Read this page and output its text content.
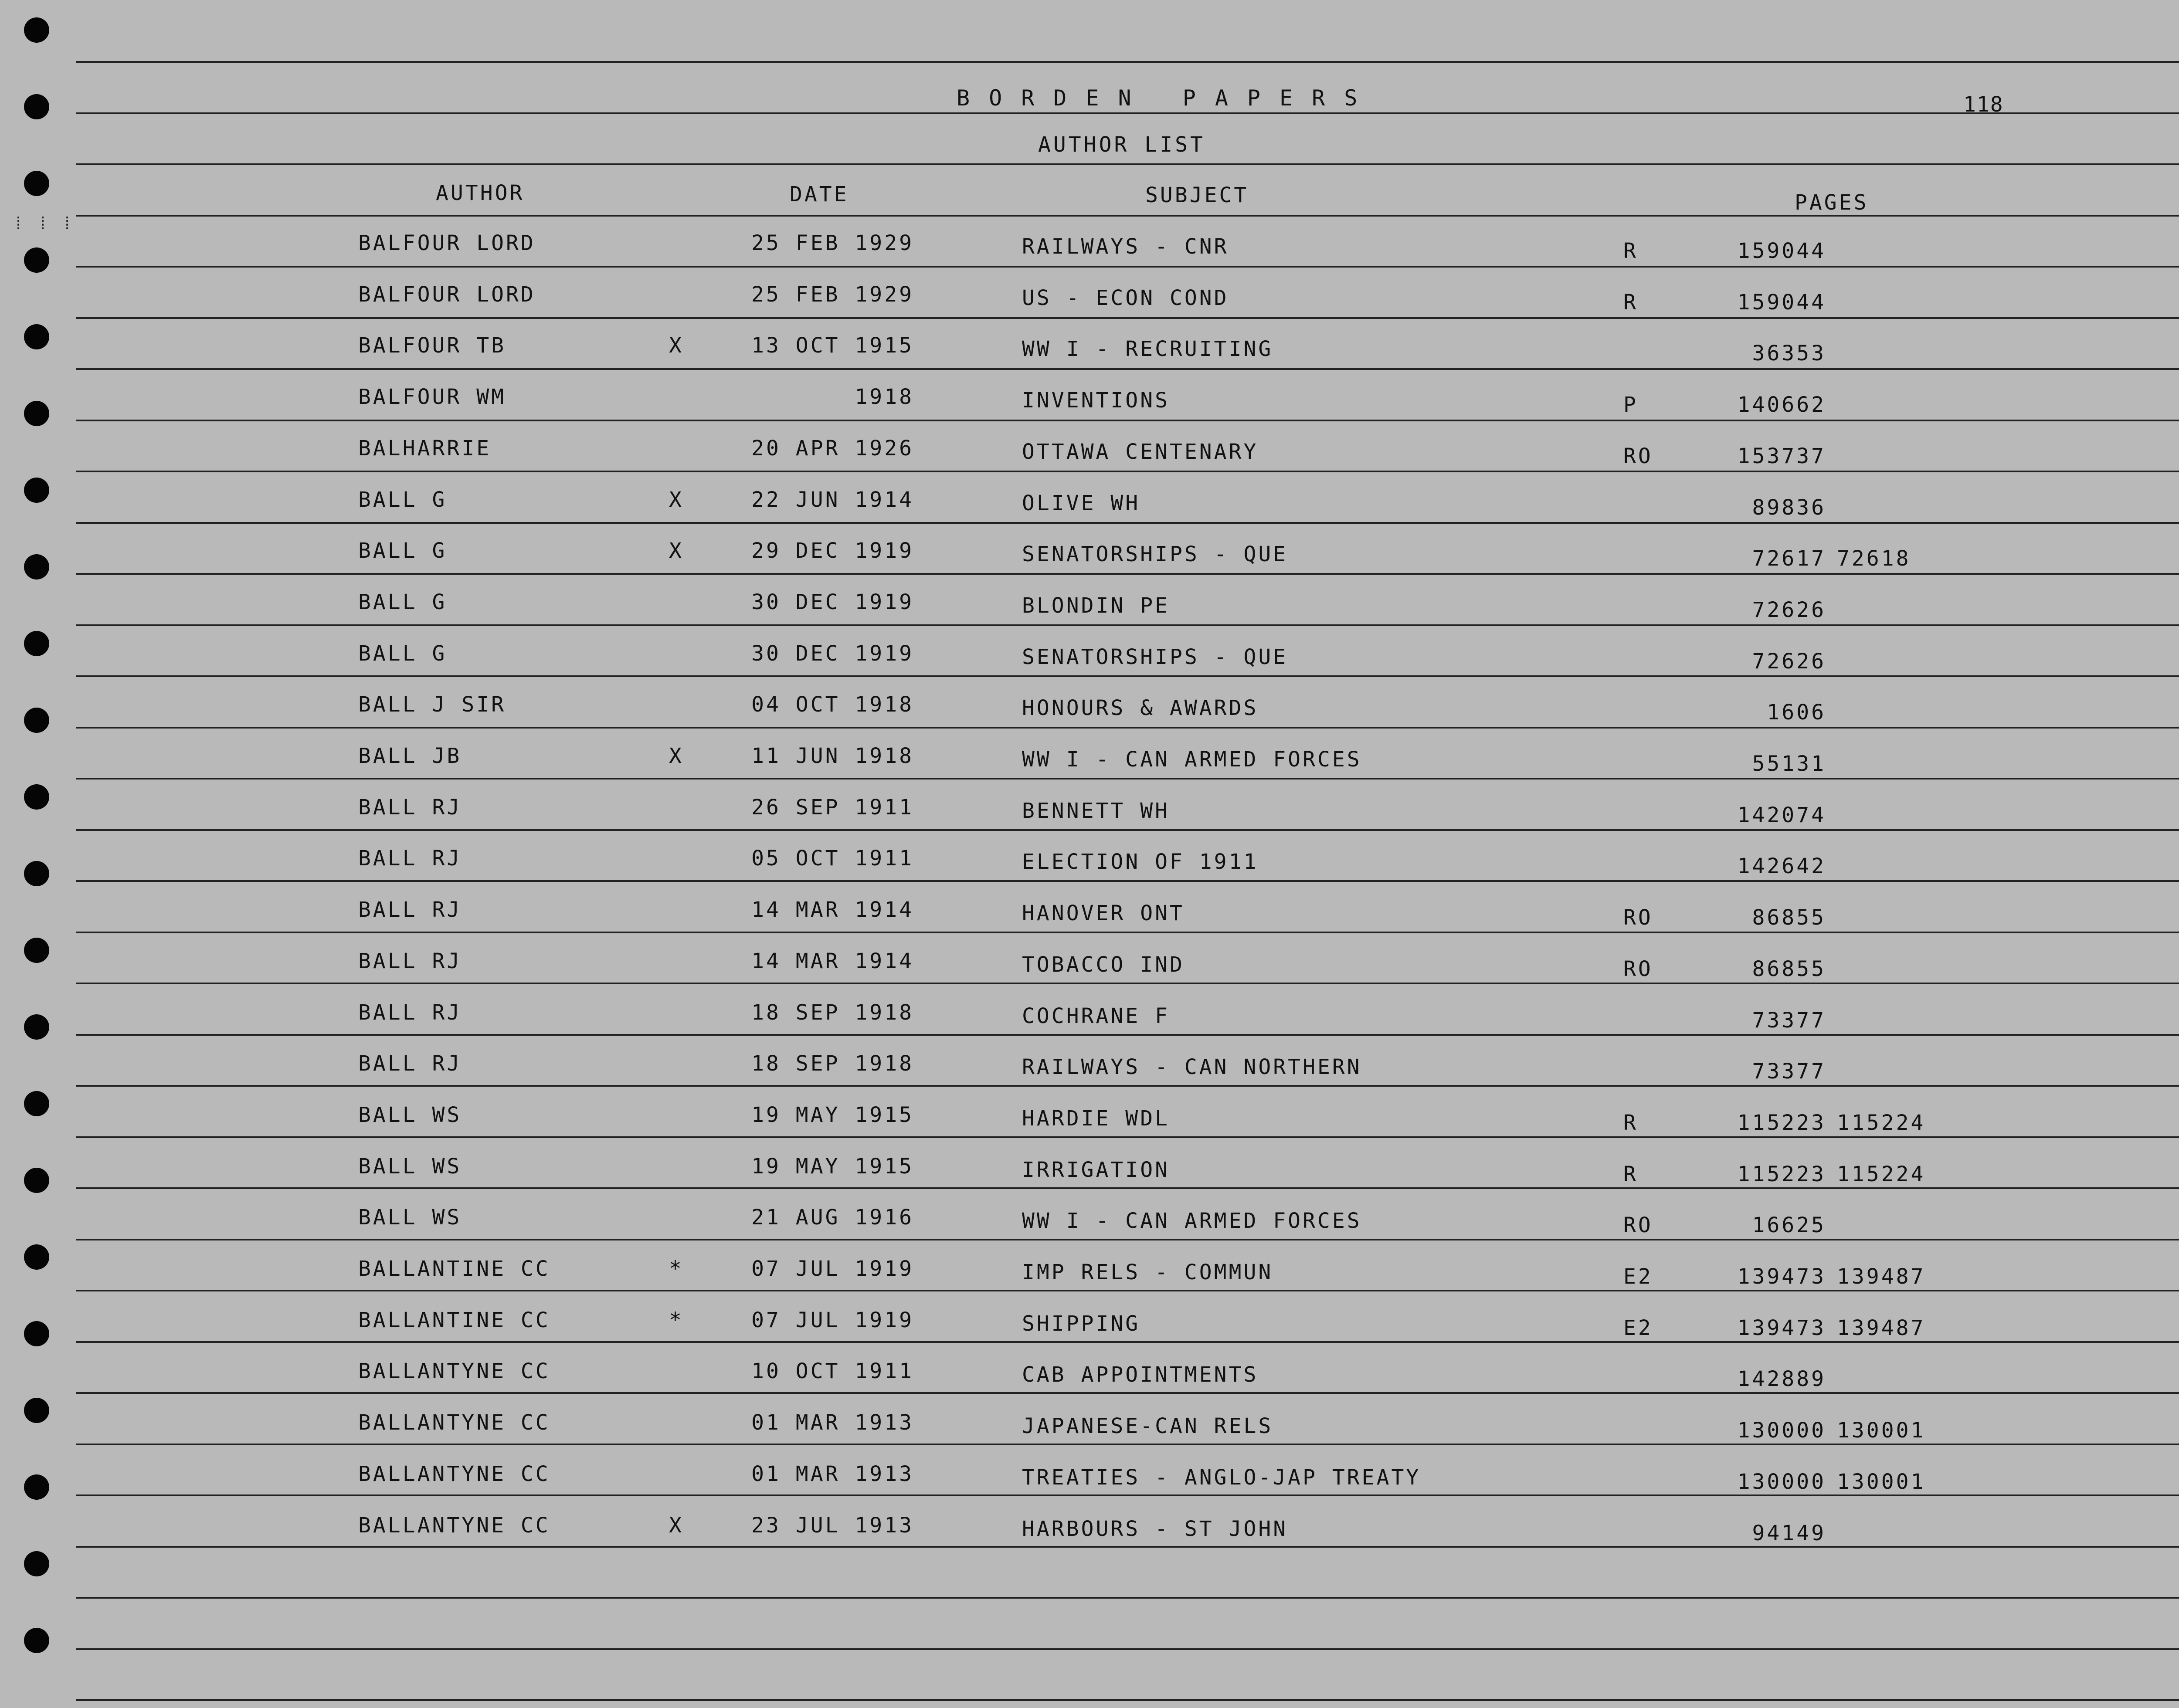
BORDEN PAPERS	118
AUTHOR LIST
AUTHOR	DATE	SUBJECT	PAGES
BALFOUR LORD	25 FEB 1929	RAILWAYS - CNR	R	159044
BALFOUR LORD	25 FEB 1929	US - ECON COND	R	159044
BALFOUR TB	X	13 OCT 1915	WW I - RECRUITING	36353
BALFOUR WM	1918	INVENTIONS	P	140662
BALHARRIE	20 APR 1926	OTTAWA CENTENARY	RO	153737
BALL G	X	22 JUN 1914	OLIVE WH	89836
BALL G	X	29 DEC 1919	SENATORSHIPS - QUE	72617 72618
BALL G	30 DEC 1919	BLONDIN PE	72626
BALL G	30 DEC 1919	SENATORSHIPS - QUE	72626
BALL J SIR	04 OCT 1918	HONOURS & AWARDS	1606
BALL JB	X	11 JUN 1918	WW I - CAN ARMED FORCES	55131
BALL RJ	26 SEP 1911	BENNETT WH	142074
BALL RJ	05 OCT 1911	ELECTION OF 1911	142642
BALL RJ	14 MAR 1914	HANOVER ONT	RO	86855
BALL RJ	14 MAR 1914	TOBACCO IND	RO	86855
BALL RJ	18 SEP 1918	COCHRANE F	73377
BALL RJ	18 SEP 1918	RAILWAYS - CAN NORTHERN	73377
BALL WS	19 MAY 1915	HARDIE WDL	R	115223 115224
BALL WS	19 MAY 1915	IRRIGATION	R	115223 115224
BALL WS	21 AUG 1916	WW I - CAN ARMED FORCES	RO	16625
BALLANTINE CC	*	07 JUL 1919	IMP RELS - COMMUN	E2	139473 139487
BALLANTINE CC	*	07 JUL 1919	SHIPPING	E2	139473 139487
BALLANTYNE CC	10 OCT 1911	CAB APPOINTMENTS	142889
BALLANTYNE CC	01 MAR 1913	JAPANESE-CAN RELS	130000 130001
BALLANTYNE CC	01 MAR 1913	TREATIES - ANGLO-JAP TREATY	130000 130001
BALLANTYNE CC	X	23 JUL 1913	HARBOURS - ST JOHN	94149
⁞ ⁞ ⁞
